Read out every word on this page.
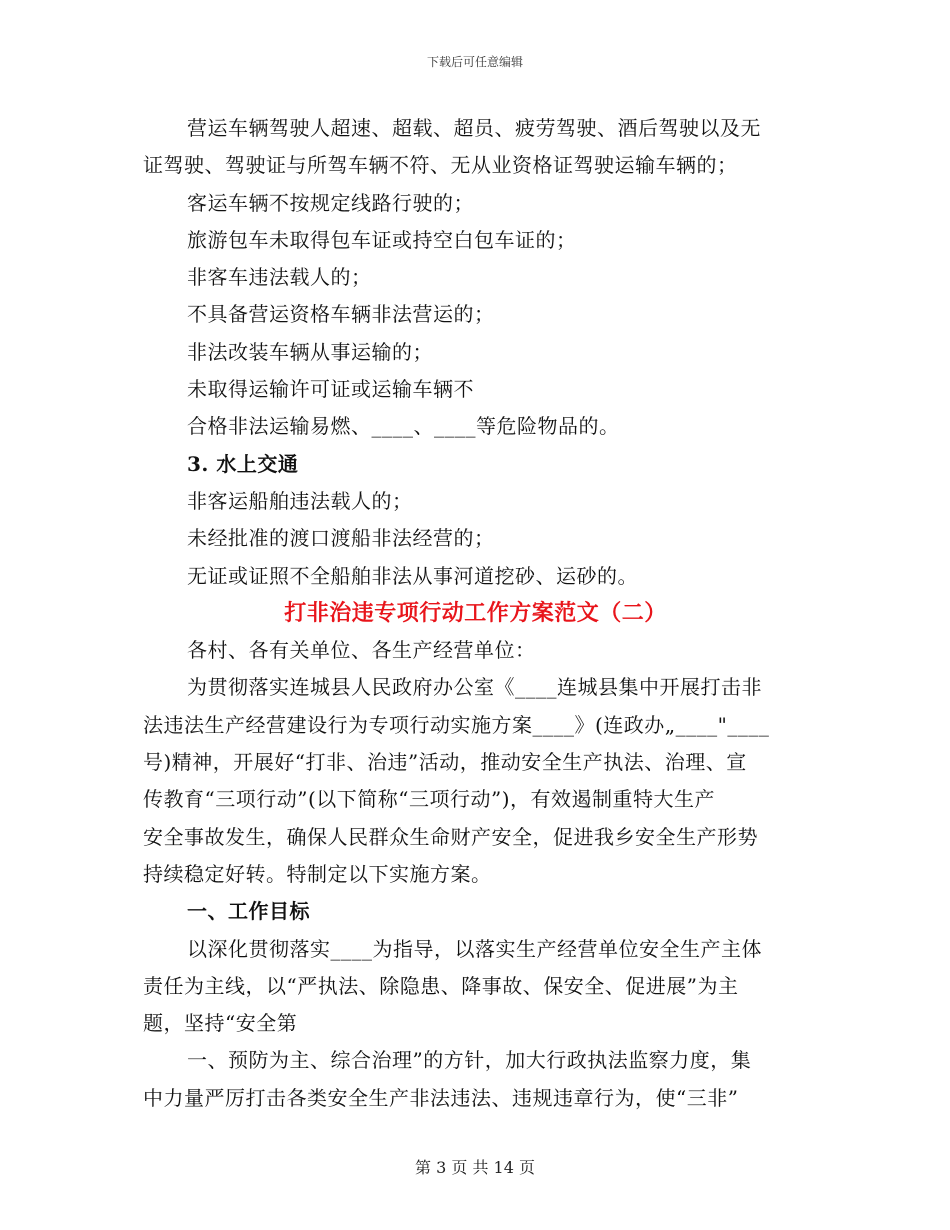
下载后可任意编辑
营运车辆驾驶人超速、超载、超员、疲劳驾驶、酒后驾驶以及无
证驾驶、驾驶证与所驾车辆不符、无从业资格证驾驶运输车辆的；
客运车辆不按规定线路行驶的；
旅游包车未取得包车证或持空白包车证的；
非客车违法载人的；
不具备营运资格车辆非法营运的；
非法改装车辆从事运输的；
未取得运输许可证或运输车辆不
合格非法运输易燃、____、____等危险物品的。
3. 水上交通
非客运船舶违法载人的；
未经批准的渡口渡船非法经营的；
无证或证照不全船舶非法从事河道挖砂、运砂的。
打非治违专项行动工作方案范文（二）
各村、各有关单位、各生产经营单位：
为贯彻落实连城县人民政府办公室《____连城县集中开展打击非
法违法生产经营建设行为专项行动实施方案____》(连政办„____"____
号)精神，开展好“打非、治违”活动，推动安全生产执法、治理、宣
传教育“三项行动”(以下简称“三项行动”)，有效遏制重特大生产
安全事故发生，确保人民群众生命财产安全，促进我乡安全生产形势
持续稳定好转。特制定以下实施方案。
一、工作目标
以深化贯彻落实____为指导，以落实生产经营单位安全生产主体
责任为主线，以“严执法、除隐患、降事故、保安全、促进展”为主
题，坚持“安全第
一、预防为主、综合治理”的方针，加大行政执法监察力度，集
中力量严厉打击各类安全生产非法违法、违规违章行为，使“三非”
第 3 页 共 14 页
